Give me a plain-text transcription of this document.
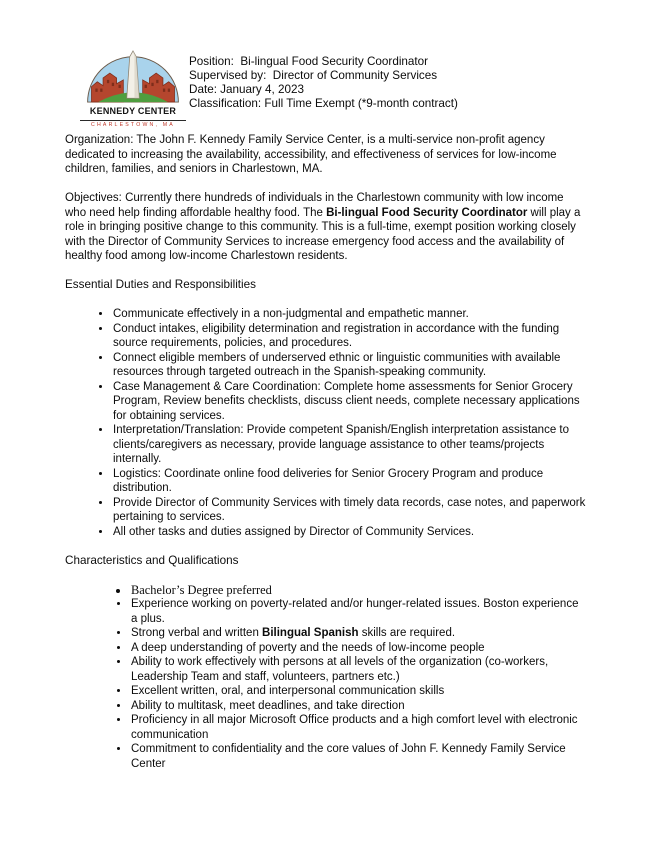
KENNEDY CENTER
CHARLESTOWN, MA
Position:  Bi-lingual Food Security Coordinator
Supervised by:  Director of Community Services
Date: January 4, 2023
Classification: Full Time Exempt (*9-month contract)

Organization: The John F. Kennedy Family Service Center, is a multi-service non-profit agency dedicated to increasing the availability, accessibility, and effectiveness of services for low-income children, families, and seniors in Charlestown, MA.

Objectives: Currently there hundreds of individuals in the Charlestown community with low income who need help finding affordable healthy food. The Bi-lingual Food Security Coordinator will play a role in bringing positive change to this community. This is a full-time, exempt position working closely with the Director of Community Services to increase emergency food access and the availability of healthy food among low-income Charlestown residents.

Essential Duties and Responsibilities
• Communicate effectively in a non-judgmental and empathetic manner.
• Conduct intakes, eligibility determination and registration in accordance with the funding source requirements, policies, and procedures.
• Connect eligible members of underserved ethnic or linguistic communities with available resources through targeted outreach in the Spanish-speaking community.
• Case Management & Care Coordination: Complete home assessments for Senior Grocery Program, Review benefits checklists, discuss client needs, complete necessary applications for obtaining services.
• Interpretation/Translation: Provide competent Spanish/English interpretation assistance to clients/caregivers as necessary, provide language assistance to other teams/projects internally.
• Logistics: Coordinate online food deliveries for Senior Grocery Program and produce distribution.
• Provide Director of Community Services with timely data records, case notes, and paperwork pertaining to services.
• All other tasks and duties assigned by Director of Community Services.
Characteristics and Qualifications
• Bachelor’s Degree preferred
• Experience working on poverty-related and/or hunger-related issues. Boston experience a plus.
• Strong verbal and written Bilingual Spanish skills are required.
• A deep understanding of poverty and the needs of low-income people
• Ability to work effectively with persons at all levels of the organization (co-workers, Leadership Team and staff, volunteers, partners etc.)
• Excellent written, oral, and interpersonal communication skills
• Ability to multitask, meet deadlines, and take direction
• Proficiency in all major Microsoft Office products and a high comfort level with electronic communication
• Commitment to confidentiality and the core values of John F. Kennedy Family Service Center
